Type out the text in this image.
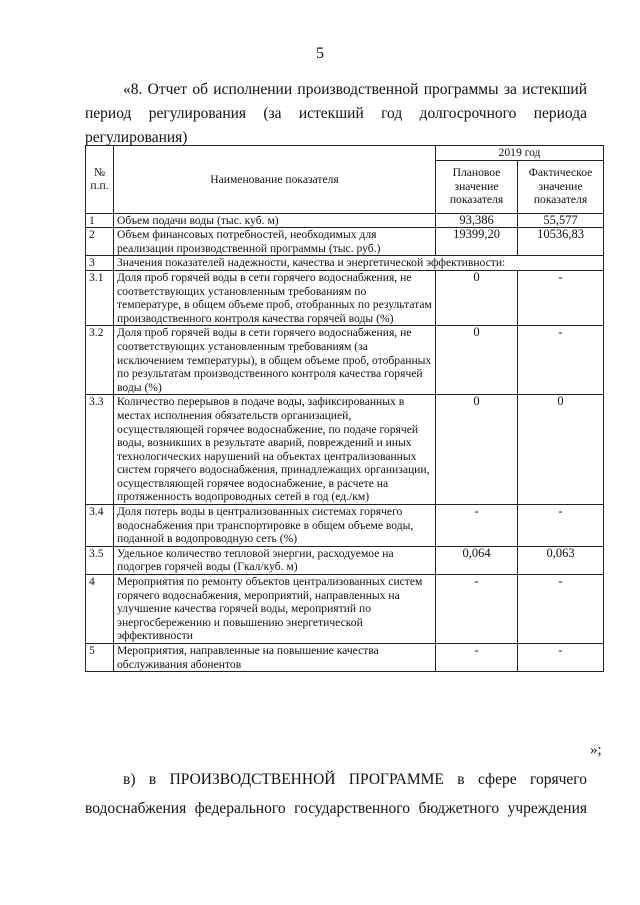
5
«8. Отчет об исполнении производственной программы за истекший
период регулирования (за истекший год долгосрочного периода
регулирования)
№ п.п.	Наименование показателя	2019 год	
		Плановое значение показателя	Фактическое значение показателя
1	Объем подачи воды (тыс. куб. м)	93,386	55,577
2	Объем финансовых потребностей, необходимых для реализации производственной программы (тыс. руб.)	19399,20	10536,83
3	Значения показателей надежности, качества и энергетической эффективности:		
3.1	Доля проб горячей воды в сети горячего водоснабжения, не соответствующих установленным требованиям по температуре, в общем объеме проб, отобранных по результатам производственного контроля качества горячей воды (%)	0	-
3.2	Доля проб горячей воды в сети горячего водоснабжения, не соответствующих установленным требованиям (за исключением температуры), в общем объеме проб, отобранных по результатам производственного контроля качества горячей воды (%)	0	-
3.3	Количество перерывов в подаче воды, зафиксированных в местах исполнения обязательств организацией, осуществляющей горячее водоснабжение, по подаче горячей воды, возникших в результате аварий, повреждений и иных технологических нарушений на объектах централизованных систем горячего водоснабжения, принадлежащих организации, осуществляющей горячее водоснабжение, в расчете на протяженность водопроводных сетей в год (ед./км)	0	0
3.4	Доля потерь воды в централизованных системах горячего водоснабжения при транспортировке в общем объеме воды, поданной в водопроводную сеть (%)	-	-
3.5	Удельное количество тепловой энергии, расходуемое на подогрев горячей воды (Гкал/куб. м)	0,064	0,063
4	Мероприятия по ремонту объектов централизованных систем горячего водоснабжения, мероприятий, направленных на улучшение качества горячей воды, мероприятий по энергосбережению и повышению энергетической эффективности	-	-
5	Мероприятия, направленные на повышение качества обслуживания абонентов	-	-
»;
в) в ПРОИЗВОДСТВЕННОЙ ПРОГРАММЕ в сфере горячего
водоснабжения федерального государственного бюджетного учреждения
